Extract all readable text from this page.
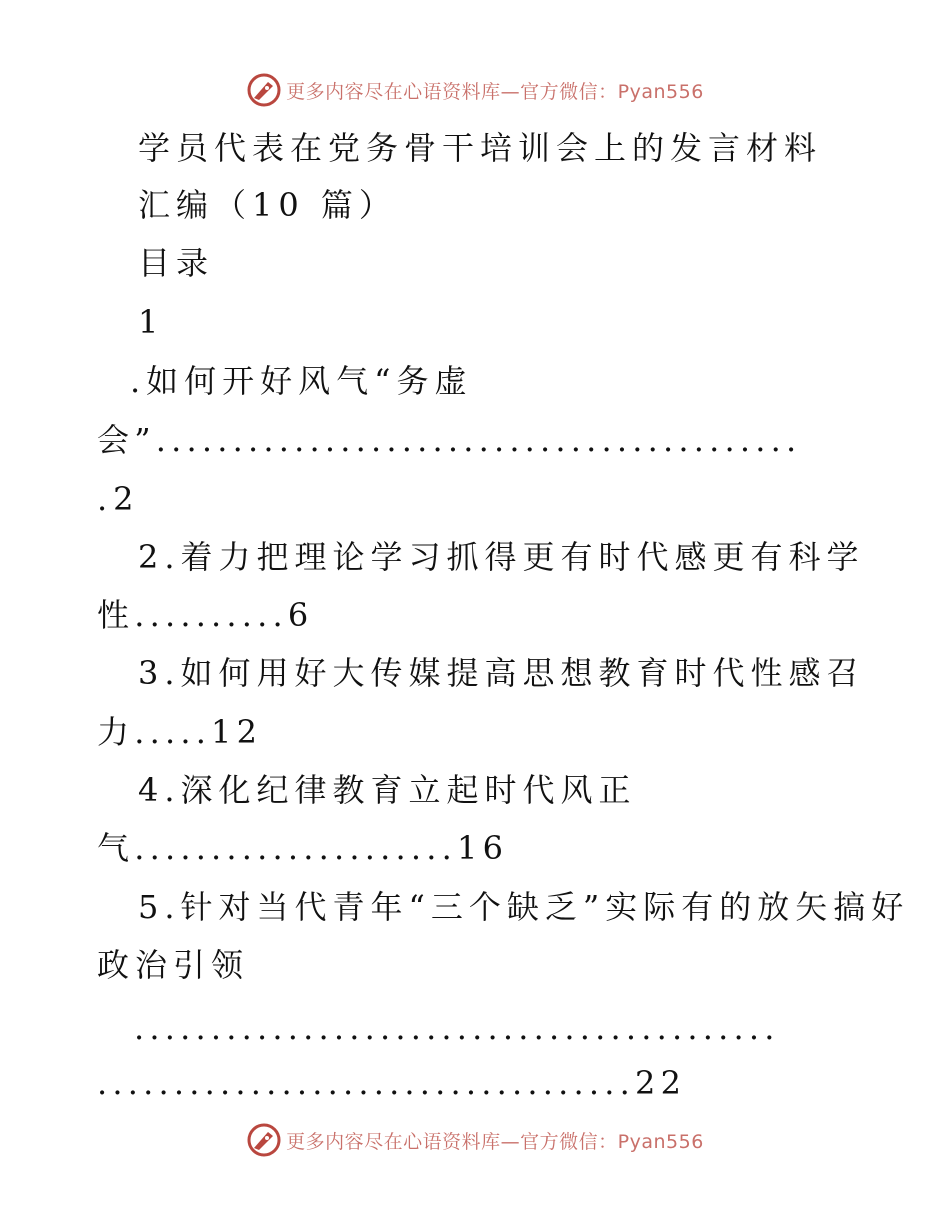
更多内容尽在心语资料库—官方微信：Pyan556
学员代表在党务骨干培训会上的发言材料
汇编（10 篇）
目录
1
.如何开好风气“务虚
会”..........................................
.2
2.着力把理论学习抓得更有时代感更有科学
性..........6
3.如何用好大传媒提高思想教育时代性感召
力.....12
4.深化纪律教育立起时代风正
气.....................16
5.针对当代青年“三个缺乏”实际有的放矢搞好
政治引领
..........................................
...................................22
更多内容尽在心语资料库—官方微信：Pyan556
